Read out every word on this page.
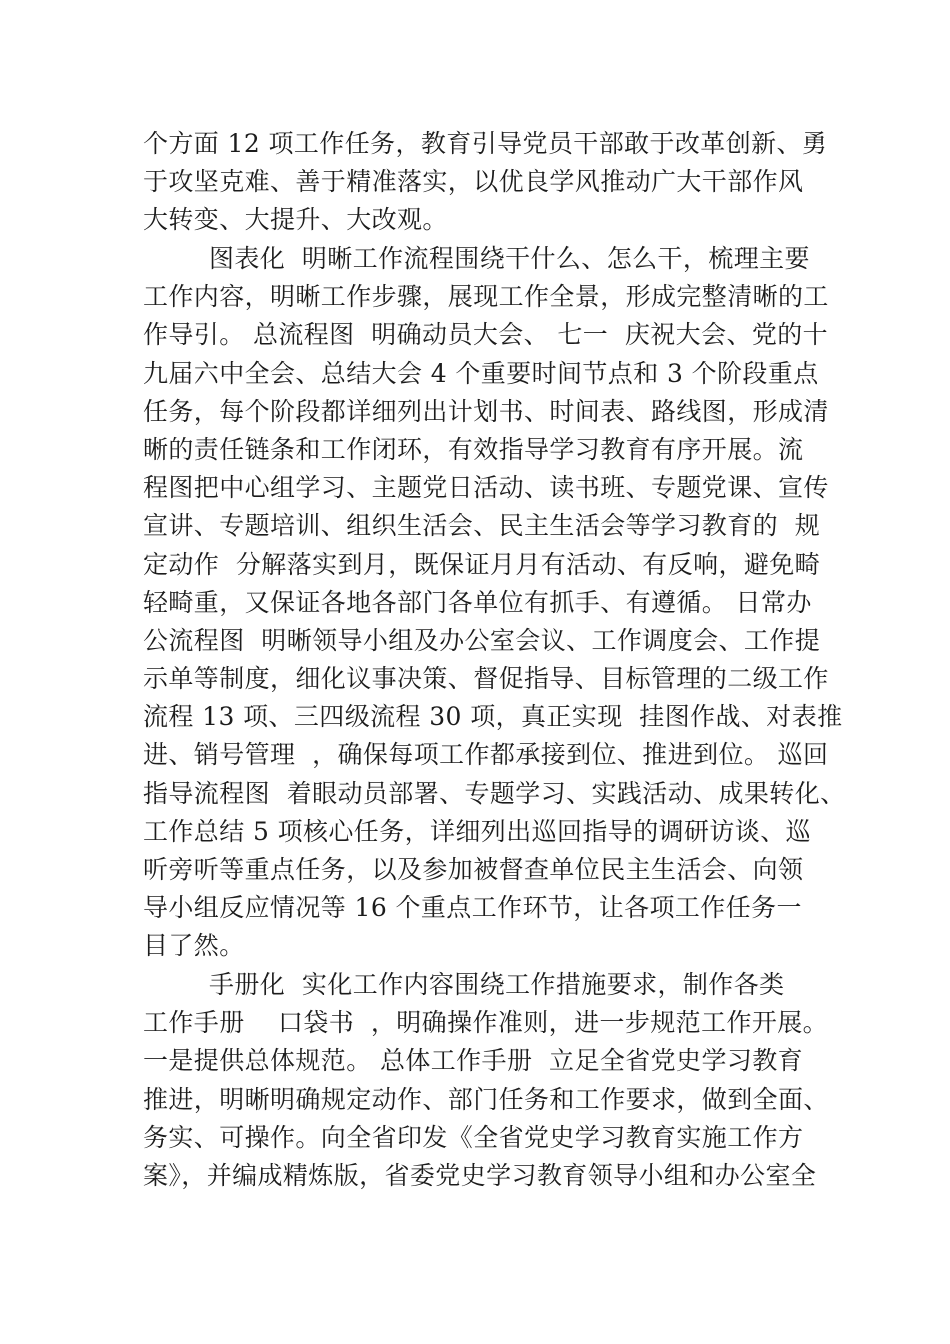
个方面 12 项工作任务，教育引导党员干部敢于改革创新、勇
于攻坚克难、善于精准落实，以优良学风推动广大干部作风
大转变、大提升、大改观。
图表化  明晰工作流程围绕干什么、怎么干，梳理主要
工作内容，明晰工作步骤，展现工作全景，形成完整清晰的工
作导引。 总流程图  明确动员大会、 七一  庆祝大会、党的十
九届六中全会、总结大会 4 个重要时间节点和 3 个阶段重点
任务，每个阶段都详细列出计划书、时间表、路线图，形成清
晰的责任链条和工作闭环，有效指导学习教育有序开展。流
程图把中心组学习、主题党日活动、读书班、专题党课、宣传
宣讲、专题培训、组织生活会、民主生活会等学习教育的  规
定动作  分解落实到月，既保证月月有活动、有反响，避免畸
轻畸重，又保证各地各部门各单位有抓手、有遵循。 日常办
公流程图  明晰领导小组及办公室会议、工作调度会、工作提
示单等制度，细化议事决策、督促指导、目标管理的二级工作
流程 13 项、三四级流程 30 项，真正实现  挂图作战、对表推
进、销号管理  ，确保每项工作都承接到位、推进到位。 巡回
指导流程图  着眼动员部署、专题学习、实践活动、成果转化、
工作总结 5 项核心任务，详细列出巡回指导的调研访谈、巡
听旁听等重点任务，以及参加被督查单位民主生活会、向领
导小组反应情况等 16 个重点工作环节，让各项工作任务一
目了然。
手册化  实化工作内容围绕工作措施要求，制作各类
工作手册    口袋书  ，明确操作准则，进一步规范工作开展。
一是提供总体规范。 总体工作手册  立足全省党史学习教育
推进，明晰明确规定动作、部门任务和工作要求，做到全面、
务实、可操作。向全省印发《全省党史学习教育实施工作方
案》，并编成精炼版，省委党史学习教育领导小组和办公室全
